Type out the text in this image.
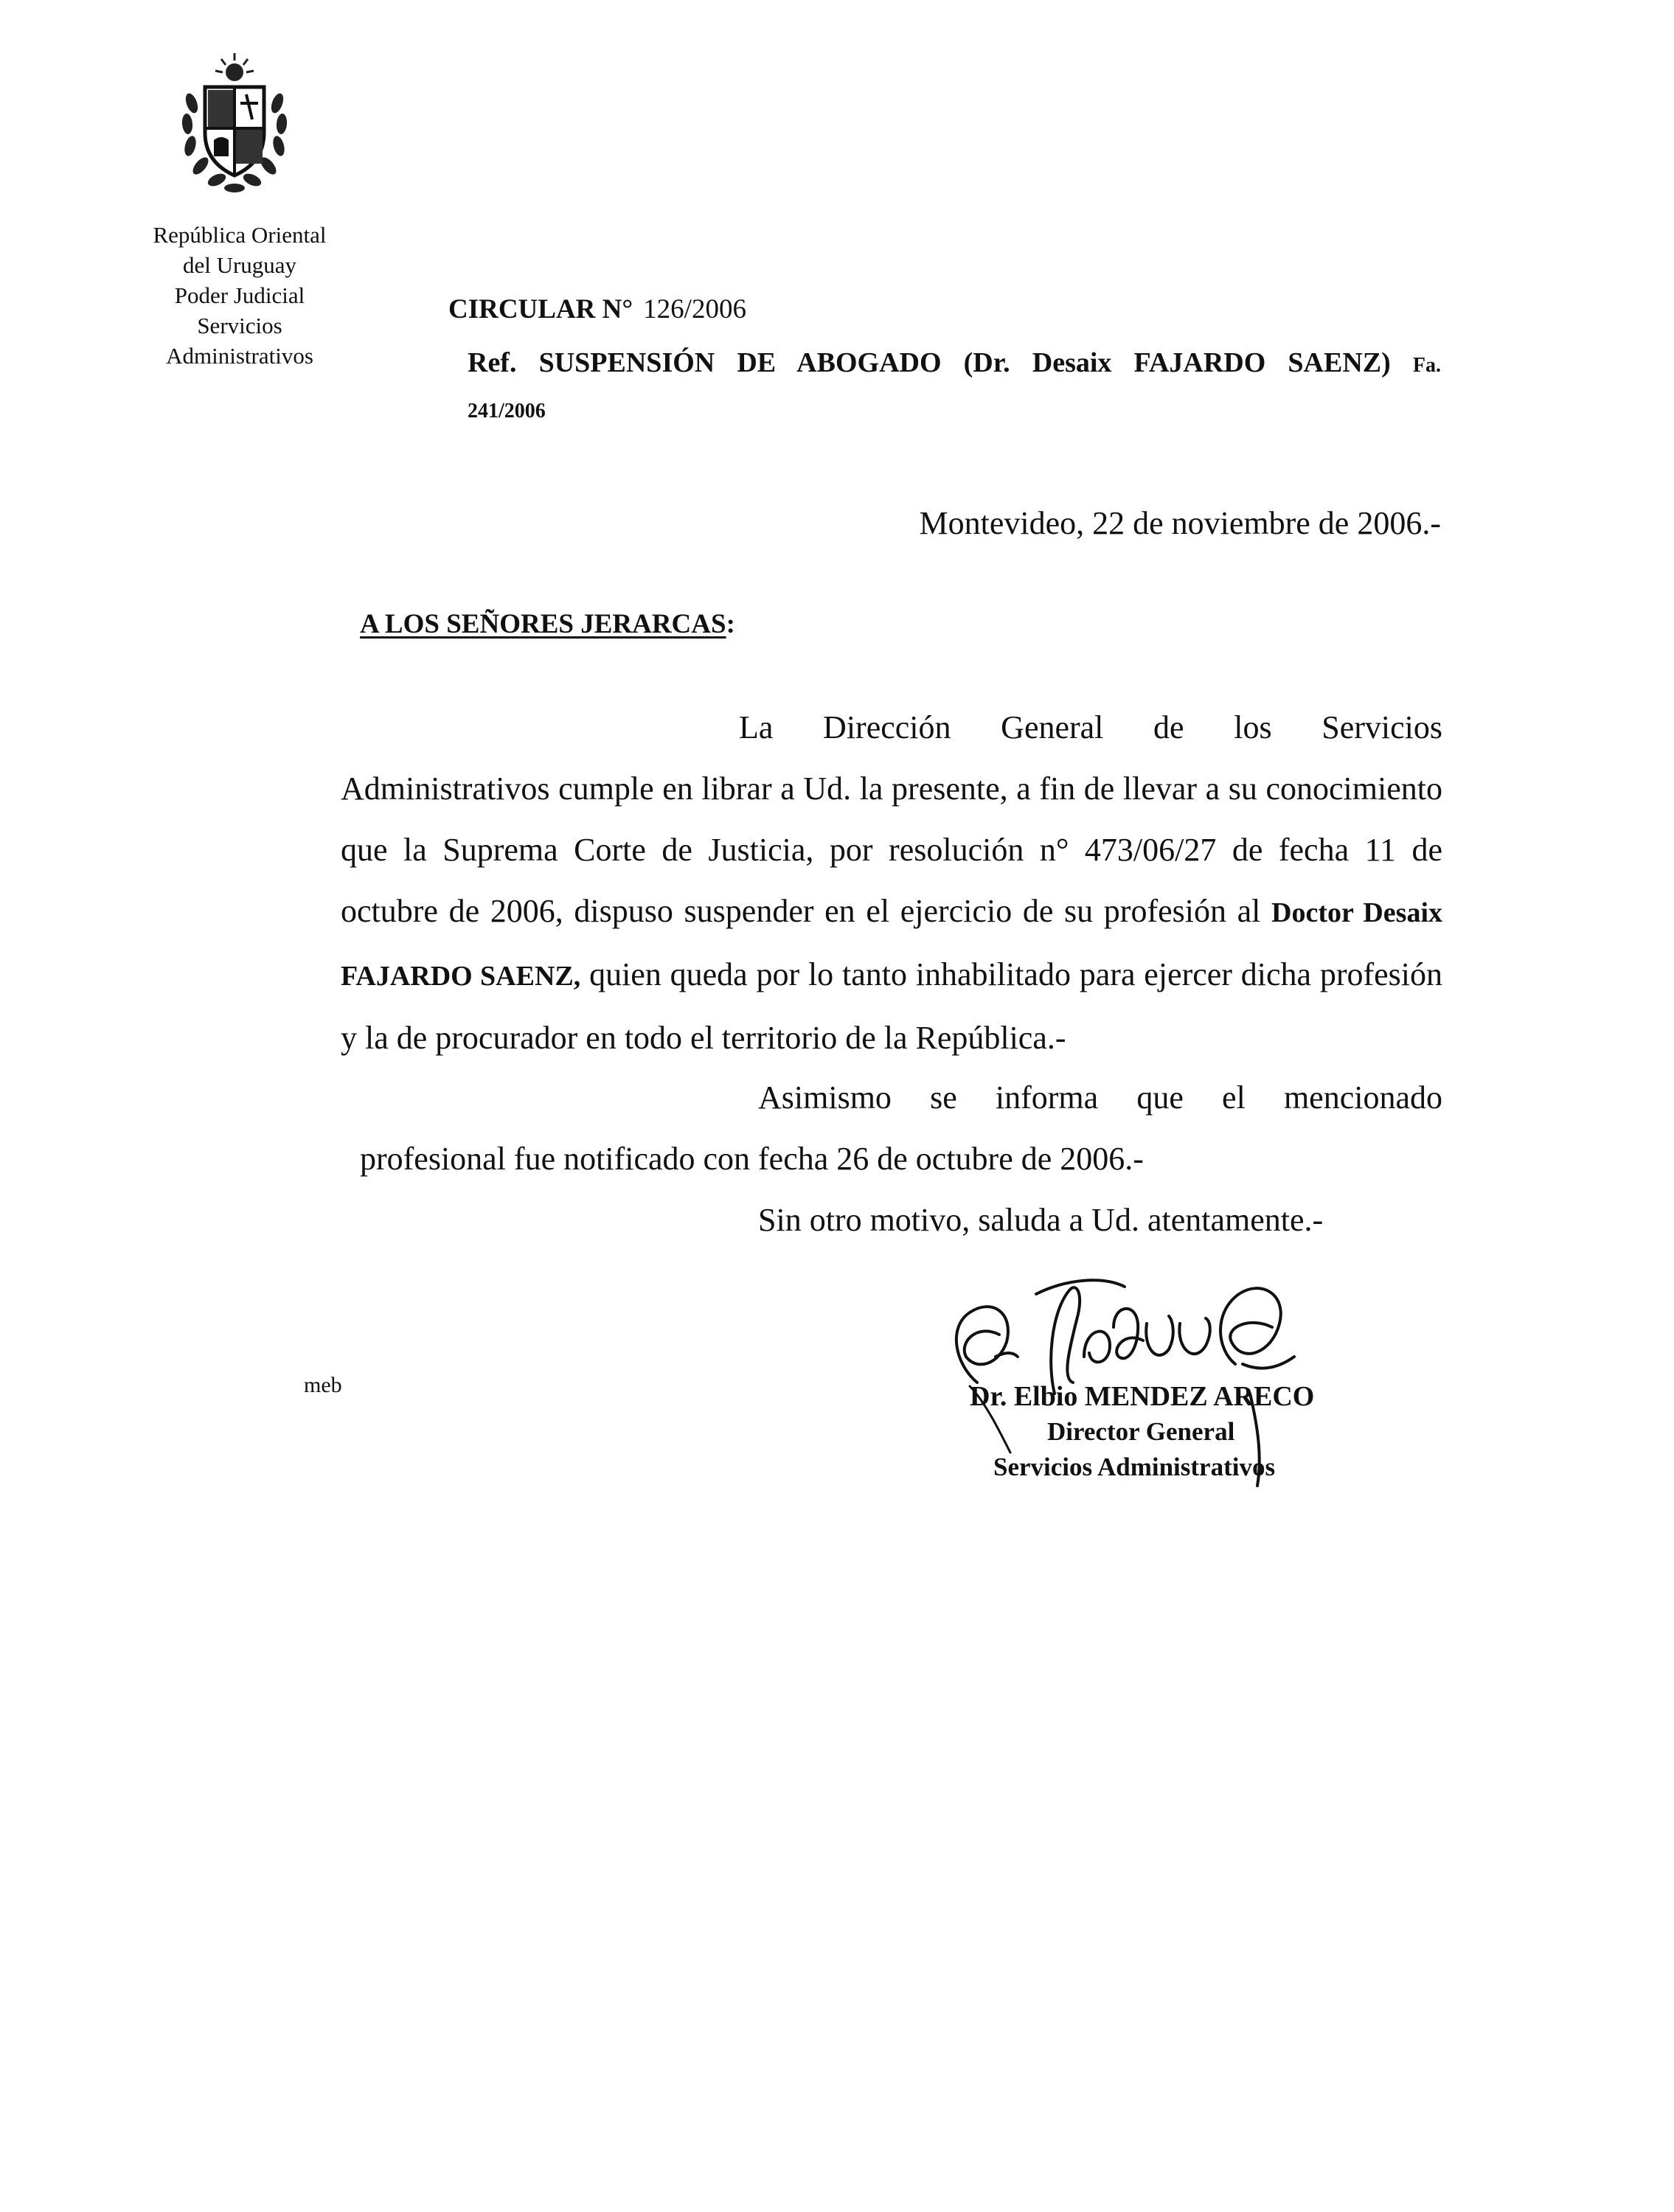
República Oriental
del Uruguay
Poder Judicial
Servicios
Administrativos
CIRCULAR N° 126/2006
Ref. SUSPENSIÓN DE ABOGADO (Dr. Desaix FAJARDO SAENZ) Fa.
241/2006
Montevideo, 22 de noviembre de 2006.-
A LOS SEÑORES JERARCAS:
La Dirección General de los Servicios Administrativos cumple en librar a Ud. la presente, a fin de llevar a su conocimiento que la Suprema Corte de Justicia, por resolución n° 473/06/27 de fecha 11 de octubre de 2006, dispuso suspender en el ejercicio de su profesión al Doctor Desaix FAJARDO SAENZ, quien queda por lo tanto inhabilitado para ejercer dicha profesión y la de procurador en todo el territorio de la República.-
Asimismo se informa que el mencionado
profesional fue notificado con fecha 26 de octubre de 2006.-
Sin otro motivo, saluda a Ud. atentamente.-
meb	Dr. Elbio MENDEZ ARECO
Director General
Servicios Administrativos
